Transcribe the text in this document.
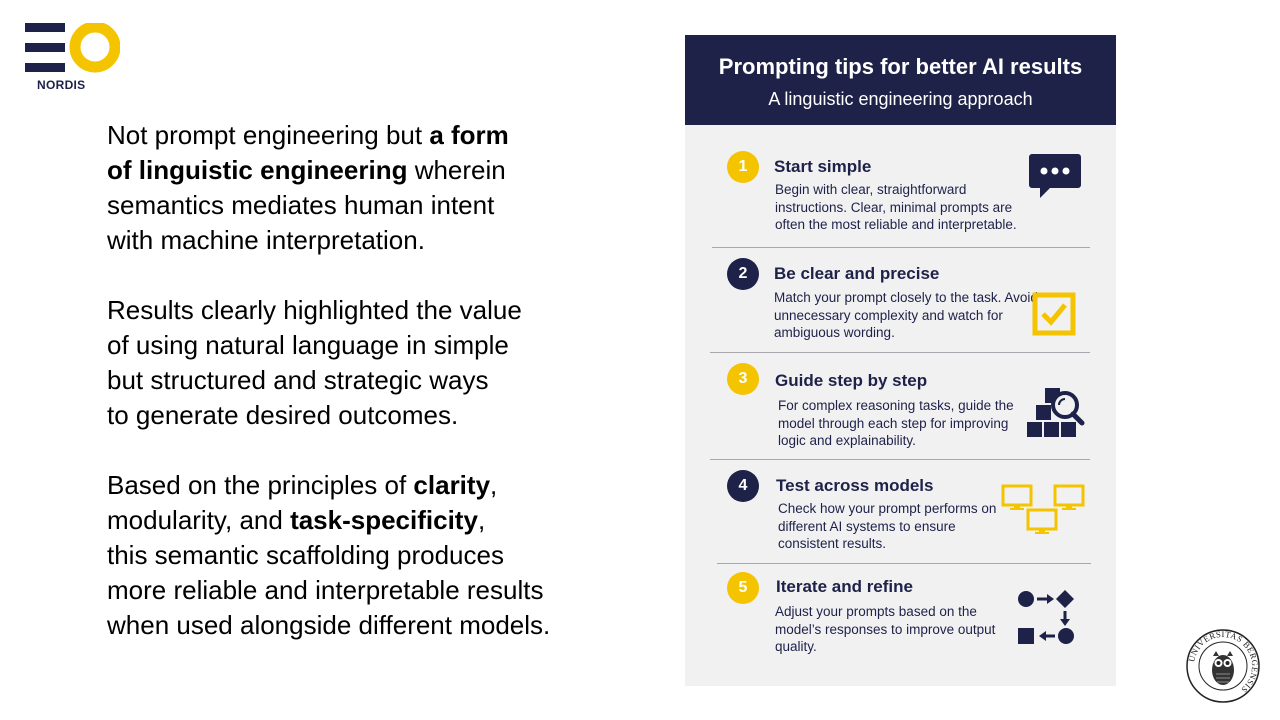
NORDIS

Not prompt engineering but a form
of linguistic engineering wherein
semantics mediates human intent
with machine interpretation.

Results clearly highlighted the value
of using natural language in simple
but structured and strategic ways
to generate desired outcomes.

Based on the principles of clarity,
modularity, and task-specificity,
this semantic scaffolding produces
more reliable and interpretable results
when used alongside different models.

Prompting tips for better AI results
A linguistic engineering approach
1	Start simple
Begin with clear, straightforward instructions. Clear, minimal prompts are often the most reliable and interpretable.
2	Be clear and precise
Match your prompt closely to the task. Avoid unnecessary complexity and watch for ambiguous wording.
3	Guide step by step
For complex reasoning tasks, guide the model through each step for improving logic and explainability.
4	Test across models
Check how your prompt performs on different AI systems to ensure consistent results.
5	Iterate and refine
Adjust your prompts based on the model’s responses to improve output quality.
UNIVERSITAS BERGENSIS
